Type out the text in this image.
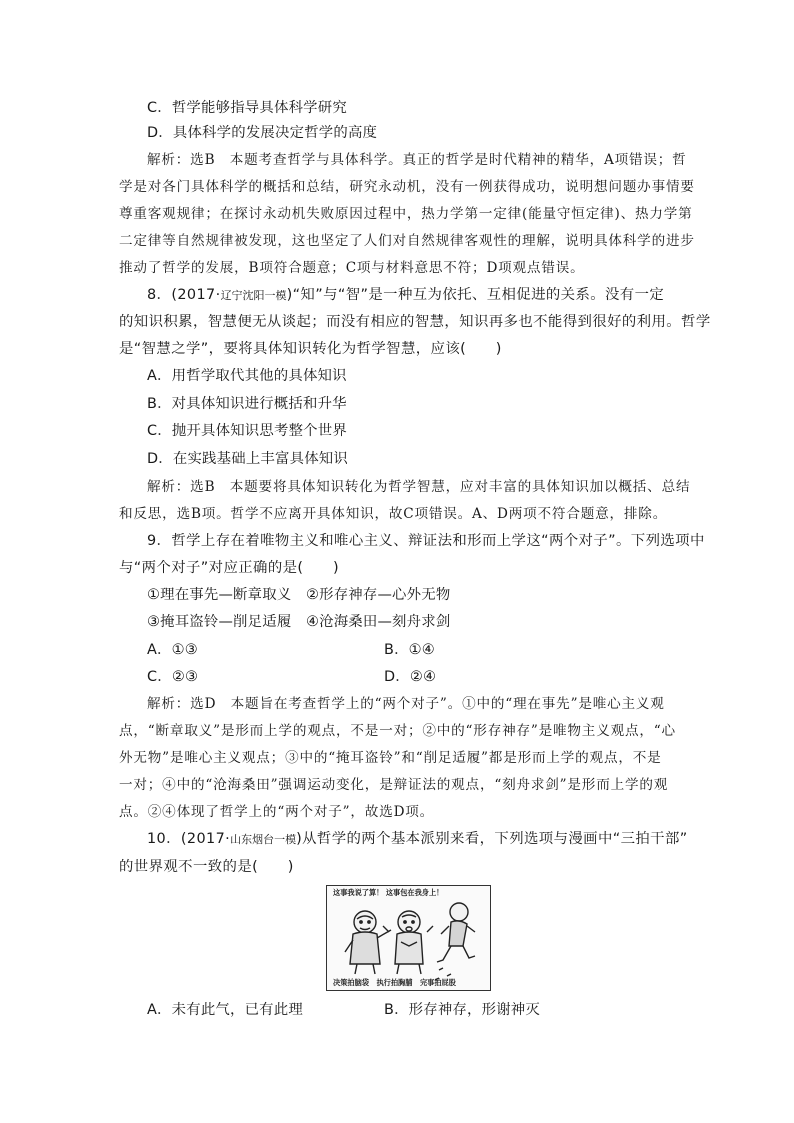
C．哲学能够指导具体科学研究
D．具体科学的发展决定哲学的高度
解析：选B　本题考查哲学与具体科学。真正的哲学是时代精神的精华，A项错误；哲
学是对各门具体科学的概括和总结，研究永动机，没有一例获得成功，说明想问题办事情要
尊重客观规律；在探讨永动机失败原因过程中，热力学第一定律(能量守恒定律)、热力学第
二定律等自然规律被发现，这也坚定了人们对自然规律客观性的理解，说明具体科学的进步
推动了哲学的发展，B项符合题意；C项与材料意思不符；D项观点错误。
8．(2017·辽宁沈阳一模)“知”与“智”是一种互为依托、互相促进的关系。没有一定
的知识积累，智慧便无从谈起；而没有相应的智慧，知识再多也不能得到很好的利用。哲学
是“智慧之学”，要将具体知识转化为哲学智慧，应该(　　)
A．用哲学取代其他的具体知识
B．对具体知识进行概括和升华
C．抛开具体知识思考整个世界
D．在实践基础上丰富具体知识
解析：选B　本题要将具体知识转化为哲学智慧，应对丰富的具体知识加以概括、总结
和反思，选B项。哲学不应离开具体知识，故C项错误。A、D两项不符合题意，排除。
9．哲学上存在着唯物主义和唯心主义、辩证法和形而上学这“两个对子”。下列选项中
与“两个对子”对应正确的是(　　)
①理在事先—断章取义　②形存神存—心外无物
③掩耳盗铃—削足适履　④沧海桑田—刻舟求剑
A．①③	B．①④
C．②③	D．②④
解析：选D　本题旨在考查哲学上的“两个对子”。①中的“理在事先”是唯心主义观
点，“断章取义”是形而上学的观点，不是一对；②中的“形存神存”是唯物主义观点，“心
外无物”是唯心主义观点；③中的“掩耳盗铃”和“削足适履”都是形而上学的观点，不是
一对；④中的“沧海桑田”强调运动变化，是辩证法的观点，“刻舟求剑”是形而上学的观
点。②④体现了哲学上的“两个对子”，故选D项。
10．(2017·山东烟台一模)从哲学的两个基本派别来看，下列选项与漫画中“三拍干部”
的世界观不一致的是(　　)
这事我说了算！ 这事包在我身上！
决策拍脑袋 执行拍胸脯 完事拍屁股
A．未有此气，已有此理	B．形存神存，形谢神灭
